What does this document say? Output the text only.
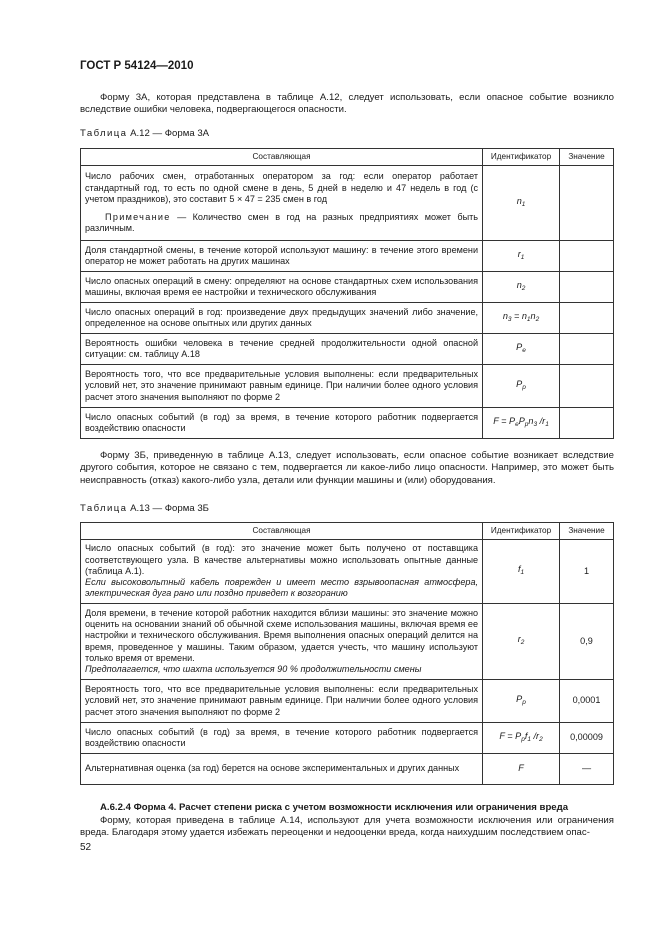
ГОСТ Р 54124—2010

Форму 3А, которая представлена в таблице А.12, следует использовать, если опасное событие возникло вследствие ошибки человека, подвергающегося опасности.

Таблица А.12 — Форма 3А
Составляющая	Идентификатор	Значение

Число рабочих смен, отработанных оператором за год: если оператор работает стандартный год, то есть по одной смене в день, 5 дней в неделю и 47 недель в год (с учетом праздников), это составит 5 × 47 = 235 смен в год
Примечание — Количество смен в год на разных предприятиях может быть различным.	$n_1$	
Доля стандартной смены, в течение которой используют машину: в течение этого времени оператор не может работать на других машинах	$r_1$	
Число опасных операций в смену: определяют на основе стандартных схем использования машины, включая время ее настройки и технического обслуживания	$n_2$	
Число опасных операций в год: произведение двух предыдущих значений либо значение, определенное на основе опытных или других данных	$n_3 = n_1n_2$	
Вероятность ошибки человека в течение средней продолжительности одной опасной ситуации: см. таблицу А.18	$P_e$	
Вероятность того, что все предварительные условия выполнены: если предварительных условий нет, это значение принимают равным единице. При наличии более одного условия расчет этого значения выполняют по форме 2	$P_p$	
Число опасных событий (в год) за время, в течение которого работник подвергается воздействию опасности	$F = P_eP_pn_3$ $/r_1$	

Форму 3Б, приведенную в таблице А.13, следует использовать, если опасное событие возникает вследствие другого события, которое не связано с тем, подвергается ли какое-либо лицо опасности. Например, это может быть неисправность (отказ) какого-либо узла, детали или функции машины и (или) оборудования.

Таблица А.13 — Форма 3Б
Составляющая	Идентификатор	Значение

Число опасных событий (в год): это значение может быть получено от поставщика соответствующего узла. В качестве альтернативы можно использовать опытные данные (таблица А.1).
Если высоковольтный кабель поврежден и имеет место взрывоопасная атмосфера, электрическая дуга рано или поздно приведет к возгоранию	$f_1$	1

Доля времени, в течение которой работник находится вблизи машины: это значение можно оценить на основании знаний об обычной схеме использования машины, включая время ее настройки и технического обслуживания. Время выполнения опасных операций делится на время, проведенное у машины. Таким образом, удается учесть, что машину используют только время от времени.
Предполагается, что шахта используется 90 % продолжительности смены	$r_2$	0,9
Вероятность того, что все предварительные условия выполнены: если предварительных условий нет, это значение принимают равным единице. При наличии более одного условия расчет этого значения выполняют по форме 2	$P_p$	0,0001
Число опасных событий (в год) за время, в течение которого работник подвергается воздействию опасности	$F = P_pf_1$ $/r_2$	0,00009
Альтернативная оценка (за год) берется на основе экспериментальных и других данных	F	—
А.6.2.4 Форма 4. Расчет степени риска с учетом возможности исключения или ограничения вреда

Форму, которая приведена в таблице А.14, используют для учета возможности исключения или ограничения вреда. Благодаря этому удается избежать переоценки и недооценки вреда, когда наихудшим последствием опас-

52
